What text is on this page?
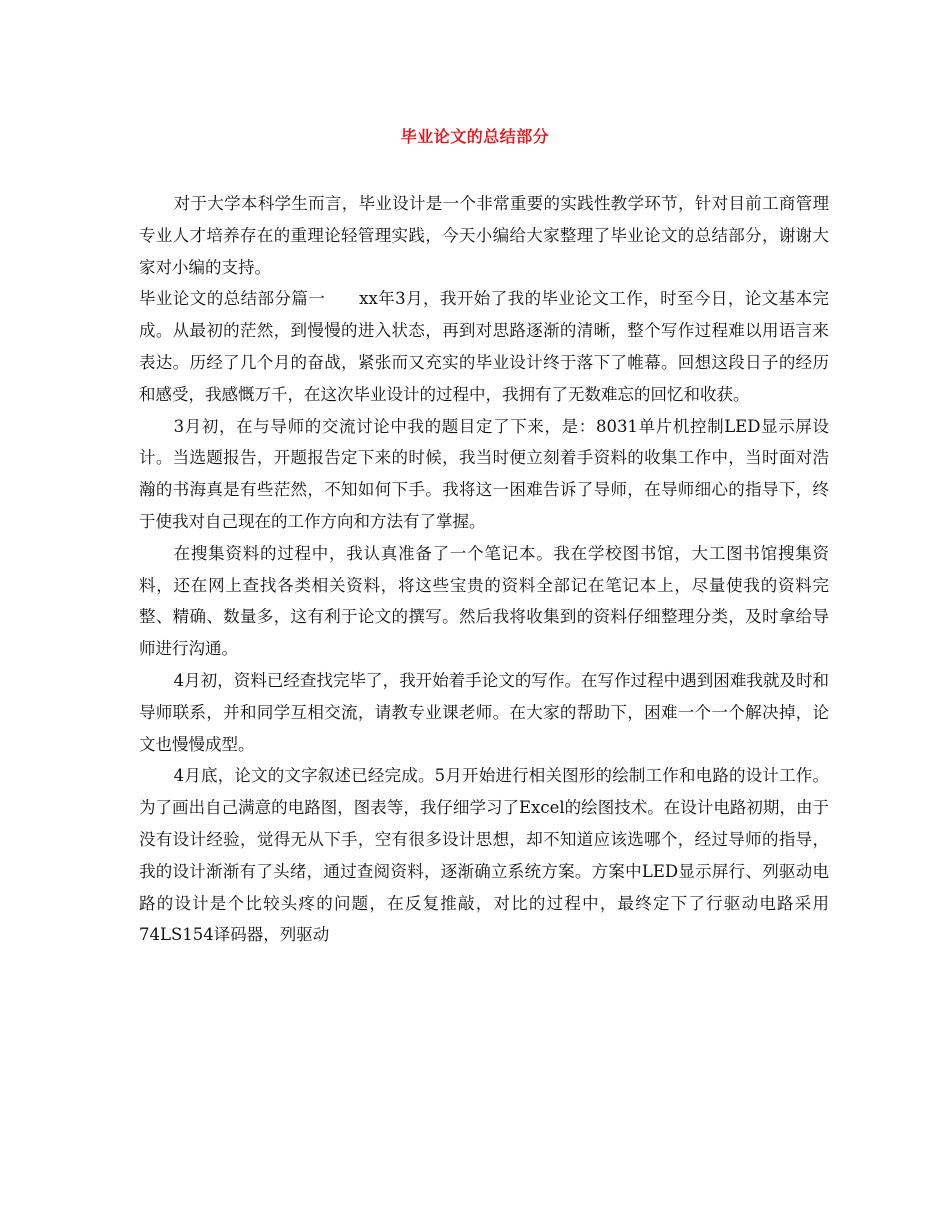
毕业论文的总结部分

对于大学本科学生而言，毕业设计是一个非常重要的实践性教学环节，针对目前工商管理专业人才培养存在的重理论轻管理实践，今天小编给大家整理了毕业论文的总结部分，谢谢大家对小编的支持。

毕业论文的总结部分篇一　　xx年3月，我开始了我的毕业论文工作，时至今日，论文基本完成。从最初的茫然，到慢慢的进入状态，再到对思路逐渐的清晰，整个写作过程难以用语言来表达。历经了几个月的奋战，紧张而又充实的毕业设计终于落下了帷幕。回想这段日子的经历和感受，我感慨万千，在这次毕业设计的过程中，我拥有了无数难忘的回忆和收获。

3月初，在与导师的交流讨论中我的题目定了下来，是：8031单片机控制LED显示屏设计。当选题报告，开题报告定下来的时候，我当时便立刻着手资料的收集工作中，当时面对浩瀚的书海真是有些茫然，不知如何下手。我将这一困难告诉了导师，在导师细心的指导下，终于使我对自己现在的工作方向和方法有了掌握。

在搜集资料的过程中，我认真准备了一个笔记本。我在学校图书馆，大工图书馆搜集资料，还在网上查找各类相关资料，将这些宝贵的资料全部记在笔记本上，尽量使我的资料完整、精确、数量多，这有利于论文的撰写。然后我将收集到的资料仔细整理分类，及时拿给导师进行沟通。

4月初，资料已经查找完毕了，我开始着手论文的写作。在写作过程中遇到困难我就及时和导师联系，并和同学互相交流，请教专业课老师。在大家的帮助下，困难一个一个解决掉，论文也慢慢成型。

4月底，论文的文字叙述已经完成。5月开始进行相关图形的绘制工作和电路的设计工作。为了画出自己满意的电路图，图表等，我仔细学习了Excel的绘图技术。在设计电路初期，由于没有设计经验，觉得无从下手，空有很多设计思想，却不知道应该选哪个，经过导师的指导，我的设计渐渐有了头绪，通过查阅资料，逐渐确立系统方案。方案中LED显示屏行、列驱动电路的设计是个比较头疼的问题，在反复推敲，对比的过程中，最终定下了行驱动电路采用74LS154译码器，列驱动
